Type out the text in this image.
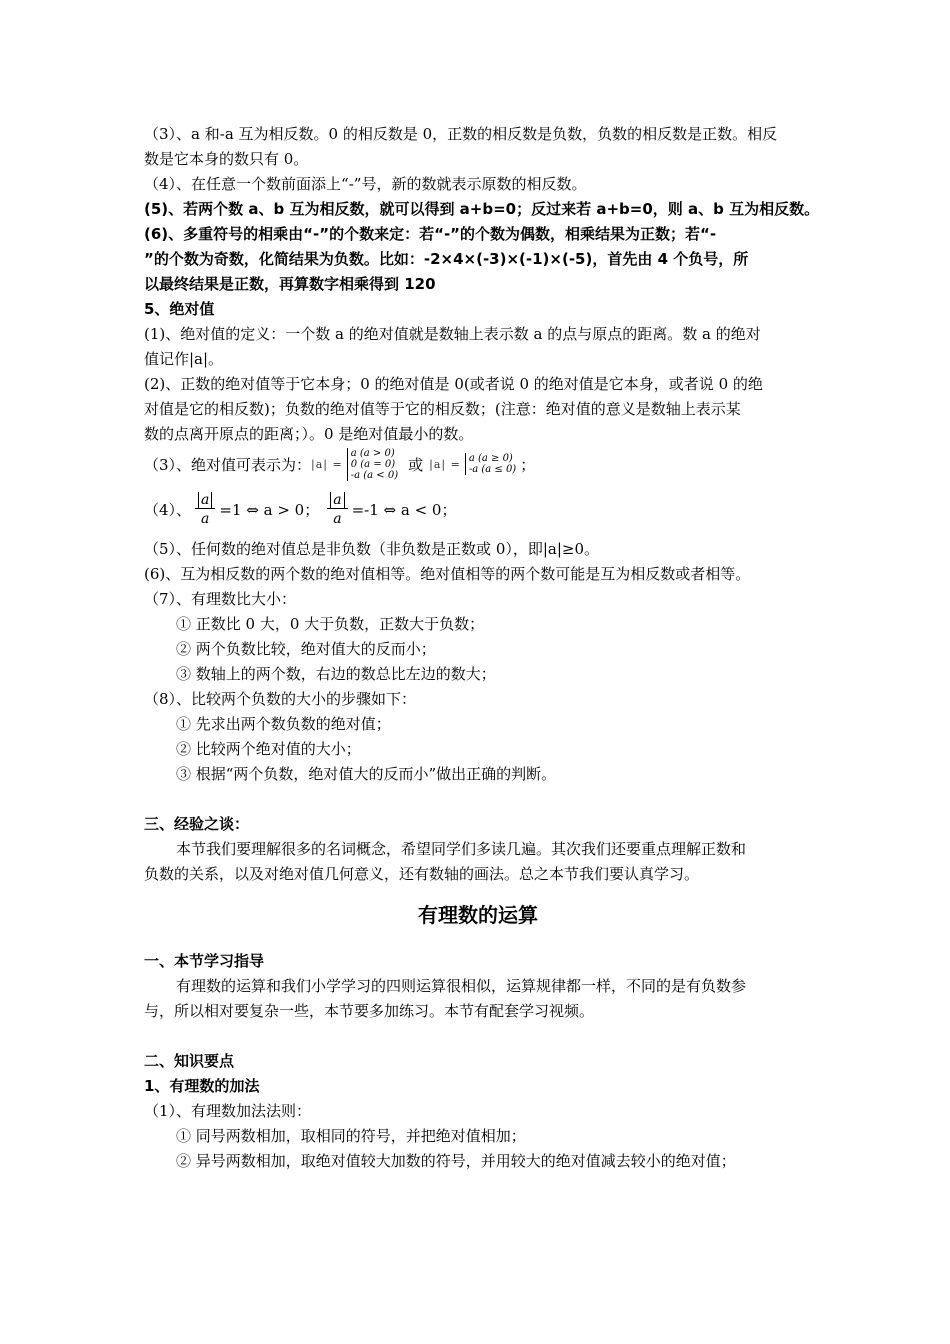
（3）、a 和-a 互为相反数。0 的相反数是 0，正数的相反数是负数，负数的相反数是正数。相反
数是它本身的数只有 0。
（4）、在任意一个数前面添上“-”号，新的数就表示原数的相反数。
(5)、若两个数 a、b 互为相反数，就可以得到 a+b=0；反过来若 a+b=0，则 a、b 互为相反数。
(6)、多重符号的相乘由“-”的个数来定：若“-”的个数为偶数，相乘结果为正数；若“-
”的个数为奇数，化简结果为负数。比如：-2×4×(-3)×(-1)×(-5)，首先由 4 个负号，所
以最终结果是正数，再算数字相乘得到 120
5、绝对值
(1)、绝对值的定义：一个数 a 的绝对值就是数轴上表示数 a 的点与原点的距离。数 a 的绝对
值记作|a|。
(2)、正数的绝对值等于它本身；0 的绝对值是 0(或者说 0 的绝对值是它本身，或者说 0 的绝
对值是它的相反数)；负数的绝对值等于它的相反数；(注意：绝对值的意义是数轴上表示某
数的点离开原点的距离；）。0 是绝对值最小的数。
（3）、绝对值可表示为： |a| =
a (a > 0)
0 (a = 0)
-a (a < 0)
或 |a| = a (a ≥ 0)
-a (a ≤ 0) ；
（4）、 $\frac{a}{a} =1$ ⇔ a > 0； $\frac{a}{a} =-1$ ⇔ a < 0；
（5）、任何数的绝对值总是非负数（非负数是正数或 0），即|a|≥0。
(6)、互为相反数的两个数的绝对值相等。绝对值相等的两个数可能是互为相反数或者相等。
（7）、有理数比大小：
① 正数比 0 大，0 大于负数，正数大于负数；
② 两个负数比较，绝对值大的反而小；
③ 数轴上的两个数，右边的数总比左边的数大；
（8）、比较两个负数的大小的步骤如下：
① 先求出两个数负数的绝对值；
② 比较两个绝对值的大小；
③ 根据“两个负数，绝对值大的反而小”做出正确的判断。
三、经验之谈：
本节我们要理解很多的名词概念，希望同学们多读几遍。其次我们还要重点理解正数和
负数的关系，以及对绝对值几何意义，还有数轴的画法。总之本节我们要认真学习。
有理数的运算
一、本节学习指导
有理数的运算和我们小学学习的四则运算很相似，运算规律都一样，不同的是有负数参
与，所以相对要复杂一些，本节要多加练习。本节有配套学习视频。
二、知识要点
1、有理数的加法
（1）、有理数加法法则：
① 同号两数相加，取相同的符号，并把绝对值相加；
② 异号两数相加，取绝对值较大加数的符号，并用较大的绝对值减去较小的绝对值；
